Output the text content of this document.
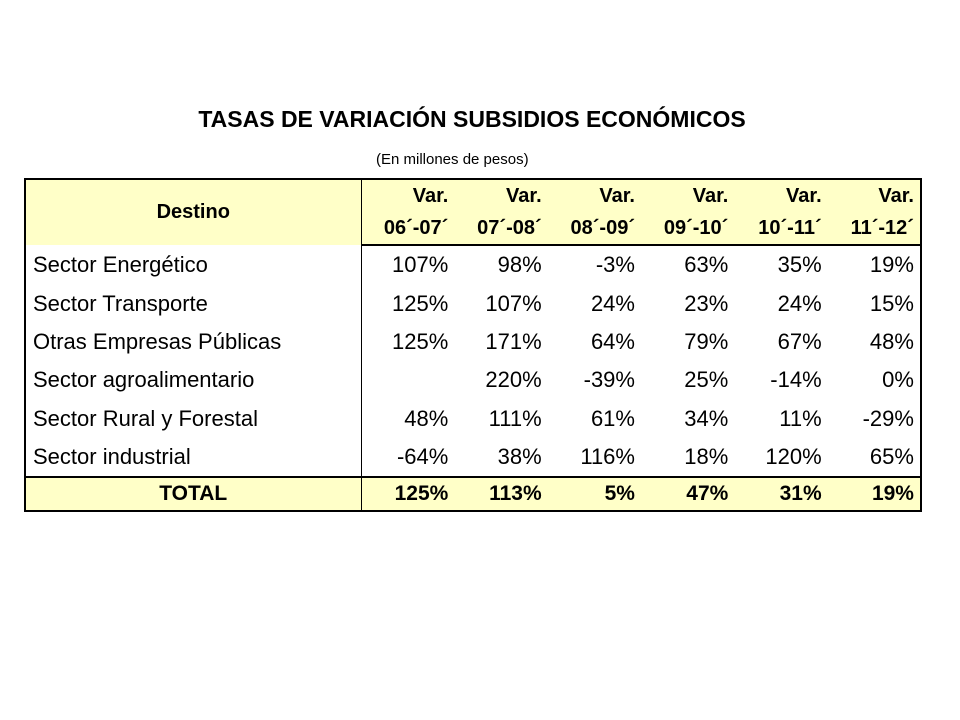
TASAS DE VARIACIÓN SUBSIDIOS ECONÓMICOS
(En millones de pesos)
Destino	Var.	Var.	Var.	Var.	Var.	Var.
	06´-07´	07´-08´	08´-09´	09´-10´	10´-11´	11´-12´
Sector Energético	107%	98%	-3%	63%	35%	19%
Sector Transporte	125%	107%	24%	23%	24%	15%
Otras Empresas Públicas	125%	171%	64%	79%	67%	48%
Sector agroalimentario		220%	-39%	25%	-14%	0%
Sector Rural y Forestal	48%	111%	61%	34%	11%	-29%
Sector industrial	-64%	38%	116%	18%	120%	65%
TOTAL	125%	113%	5%	47%	31%	19%
